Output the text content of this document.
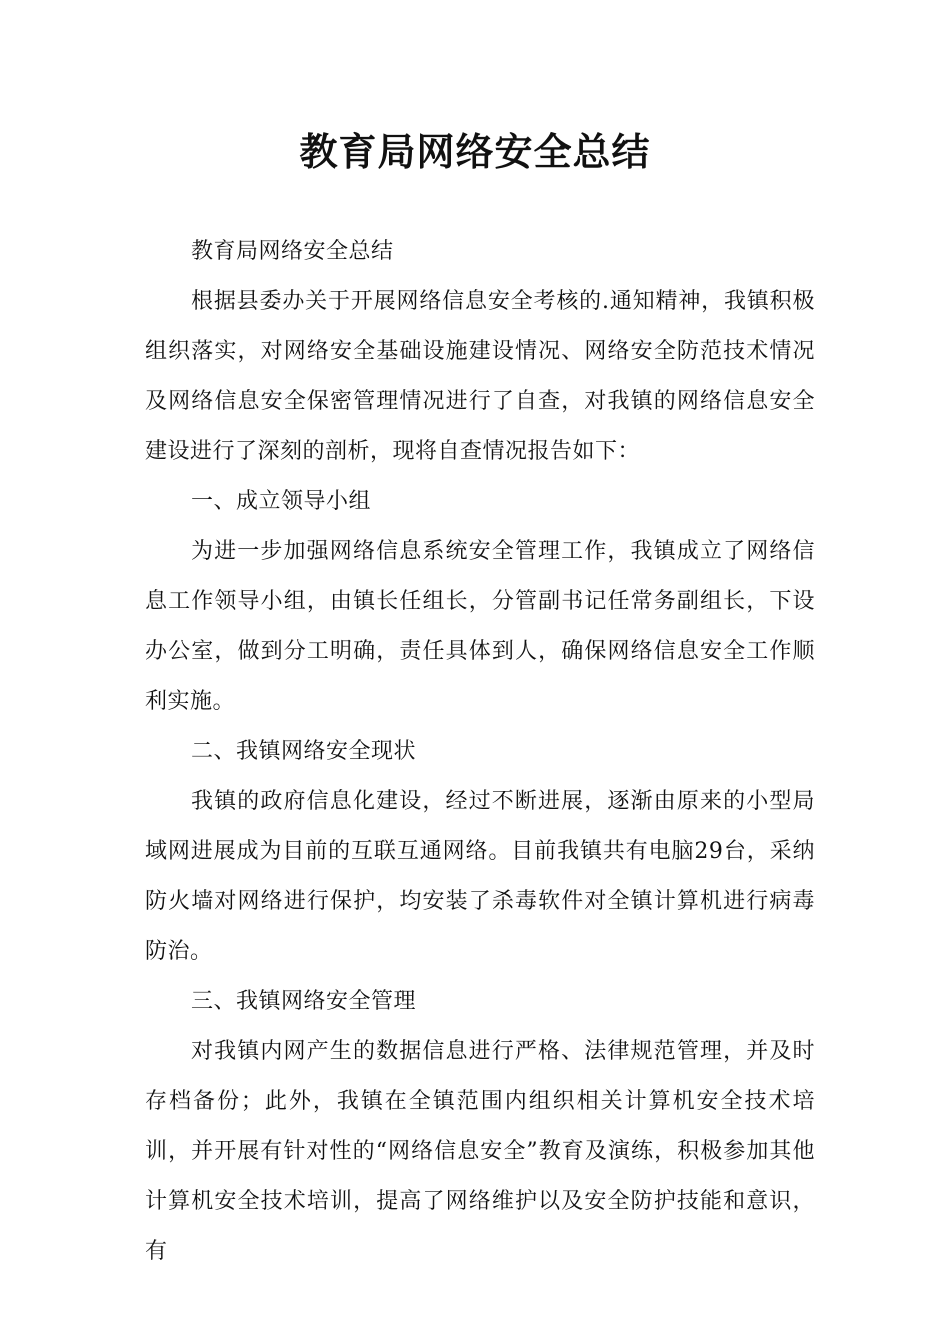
教育局网络安全总结

教育局网络安全总结

根据县委办关于开展网络信息安全考核的.通知精神，我镇积极组织落实，对网络安全基础设施建设情况、网络安全防范技术情况及网络信息安全保密管理情况进行了自查，对我镇的网络信息安全建设进行了深刻的剖析，现将自查情况报告如下：

一、成立领导小组

为进一步加强网络信息系统安全管理工作，我镇成立了网络信息工作领导小组，由镇长任组长，分管副书记任常务副组长，下设办公室，做到分工明确，责任具体到人，确保网络信息安全工作顺利实施。

二、我镇网络安全现状

我镇的政府信息化建设，经过不断进展，逐渐由原来的小型局域网进展成为目前的互联互通网络。目前我镇共有电脑29台，采纳防火墙对网络进行保护，均安装了杀毒软件对全镇计算机进行病毒防治。

三、我镇网络安全管理

对我镇内网产生的数据信息进行严格、法律规范管理，并及时存档备份；此外，我镇在全镇范围内组织相关计算机安全技术培训，并开展有针对性的“网络信息安全”教育及演练，积极参加其他计算机安全技术培训，提高了网络维护以及安全防护技能和意识，有
